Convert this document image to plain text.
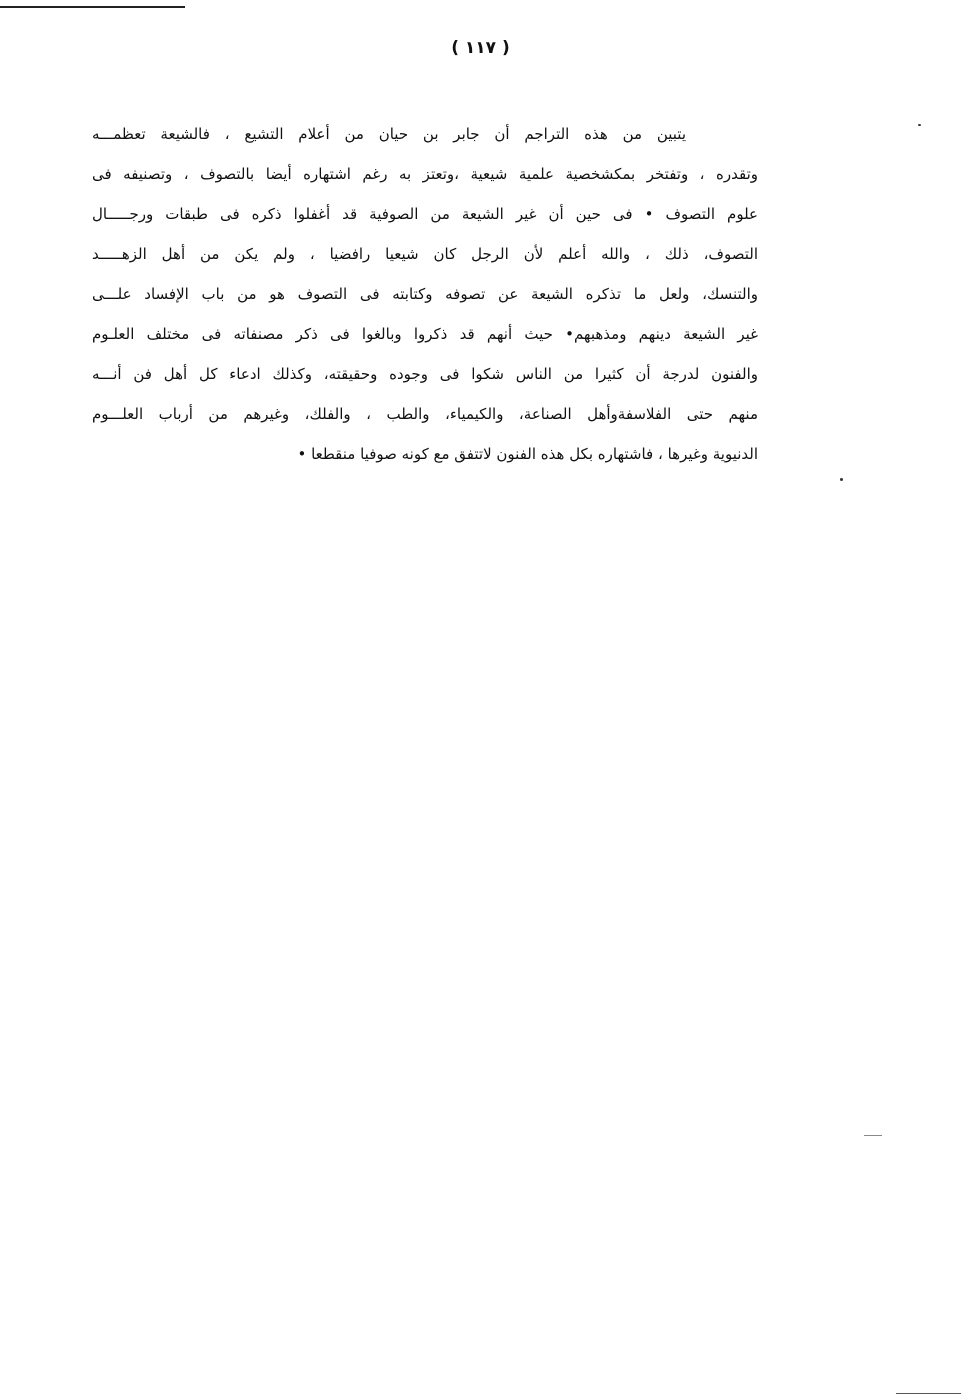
( ١١٧ )
يتبين من هذه التراجم أن جابر بن حيان من أعلام التشيع ، فالشيعة تعظمـــه
وتقدره ، وتفتخر بمكشخصية علمية شيعية ،وتعتز به رغم اشتهاره أيضا بالتصوف ، وتصنيفه فى
علوم التصوف • فى حين أن غير الشيعة من الصوفية قد أغفلوا ذكره فى طبقات ورجـــــال
التصوف، ذلك ، والله أعلم لأن الرجل كان شيعيا رافضيا ، ولم يكن من أهل الزهـــــد
والتنسك، ولعل ما تذكره الشيعة عن تصوفه وكتابته فى التصوف هو من باب الإفساد علـــى
غير الشيعة دينهم ومذهبهم• حيث أنهم قد ذكروا وبالغوا فى ذكر مصنفاته فى مختلف العلـوم
والفنون لدرجة أن كثيرا من الناس شكوا فى وجوده وحقيقته، وكذلك ادعاء كل أهل فن أنـــه
منهم حتى الفلاسفةوأهل الصناعة، والكيمياء، والطب ، والفلك، وغيرهم من أرباب العلـــوم
الدنيوية وغيرها ، فاشتهاره بكل هذه الفنون لاتتفق مع كونه صوفيا منقطعا •
